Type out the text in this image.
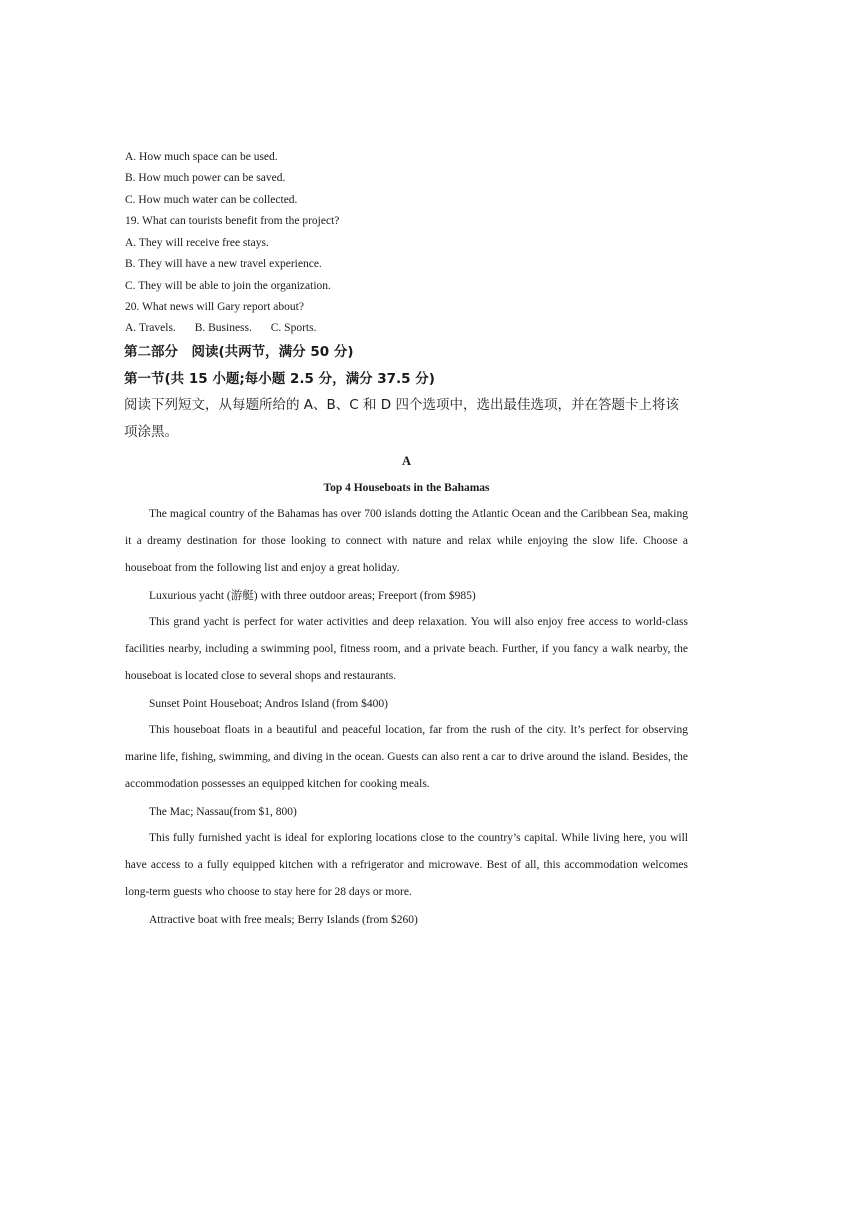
A. How much space can be used.
B. How much power can be saved.
C. How much water can be collected.
19. What can tourists benefit from the project?
A. They will receive free stays.
B. They will have a new travel experience.
C. They will be able to join the organization.
20. What news will Gary report about?
A. Travels. B. Business. C. Sports.
第二部分　阅读(共两节，满分 50 分)
第一节(共 15 小题;每小题 2.5 分，满分 37.5 分)
阅读下列短文，从每题所给的 A、B、C 和 D 四个选项中，选出最佳选项，并在答题卡上将该项涂黑。
A
Top 4 Houseboats in the Bahamas
The magical country of the Bahamas has over 700 islands dotting the Atlantic Ocean and the Caribbean Sea, making it a dreamy destination for those looking to connect with nature and relax while enjoying the slow life. Choose a houseboat from the following list and enjoy a great holiday.
Luxurious yacht (游艇) with three outdoor areas; Freeport (from $985)
This grand yacht is perfect for water activities and deep relaxation. You will also enjoy free access to world-class facilities nearby, including a swimming pool, fitness room, and a private beach. Further, if you fancy a walk nearby, the houseboat is located close to several shops and restaurants.
Sunset Point Houseboat; Andros Island (from $400)
This houseboat floats in a beautiful and peaceful location, far from the rush of the city. It’s perfect for observing marine life, fishing, swimming, and diving in the ocean. Guests can also rent a car to drive around the island. Besides, the accommodation possesses an equipped kitchen for cooking meals.
The Mac; Nassau(from $1, 800)
This fully furnished yacht is ideal for exploring locations close to the country’s capital. While living here, you will have access to a fully equipped kitchen with a refrigerator and microwave. Best of all, this accommodation welcomes long-term guests who choose to stay here for 28 days or more.
Attractive boat with free meals; Berry Islands (from $260)
